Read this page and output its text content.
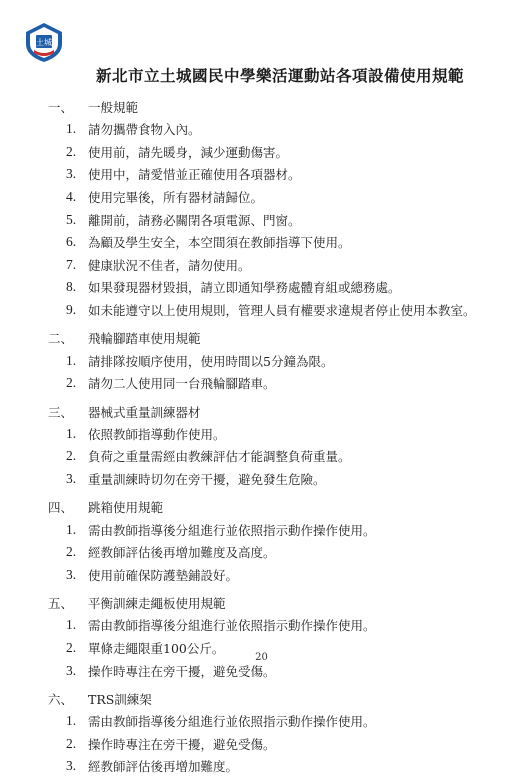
土城
新北市立土城國民中學樂活運動站各項設備使用規範
一、	一般規範
1. 請勿攜帶食物入內。
2. 使用前，請先暖身，減少運動傷害。
3. 使用中，請愛惜並正確使用各項器材。
4. 使用完畢後，所有器材請歸位。
5. 離開前，請務必關閉各項電源、門窗。
6. 為顧及學生安全，本空間須在教師指導下使用。
7. 健康狀況不佳者，請勿使用。
8. 如果發現器材毀損，請立即通知學務處體育組或總務處。
9. 如未能遵守以上使用規則，管理人員有權要求違規者停止使用本教室。
二、	飛輪腳踏車使用規範
1. 請排隊按順序使用，使用時間以5分鐘為限。
2. 請勿二人使用同一台飛輪腳踏車。
三、	器械式重量訓練器材
1. 依照教師指導動作使用。
2. 負荷之重量需經由教練評估才能調整負荷重量。
3. 重量訓練時切勿在旁干擾，避免發生危險。
四、	跳箱使用規範
1. 需由教師指導後分組進行並依照指示動作操作使用。
2. 經教師評估後再增加難度及高度。
3. 使用前確保防護墊鋪設好。
五、	平衡訓練走繩板使用規範
1. 需由教師指導後分組進行並依照指示動作操作使用。
2. 單條走繩限重100公斤。
3. 操作時專注在旁干擾，避免受傷。
六、	TRS訓練架
1. 需由教師指導後分組進行並依照指示動作操作使用。
2. 操作時專注在旁干擾，避免受傷。
3. 經教師評估後再增加難度。
20
